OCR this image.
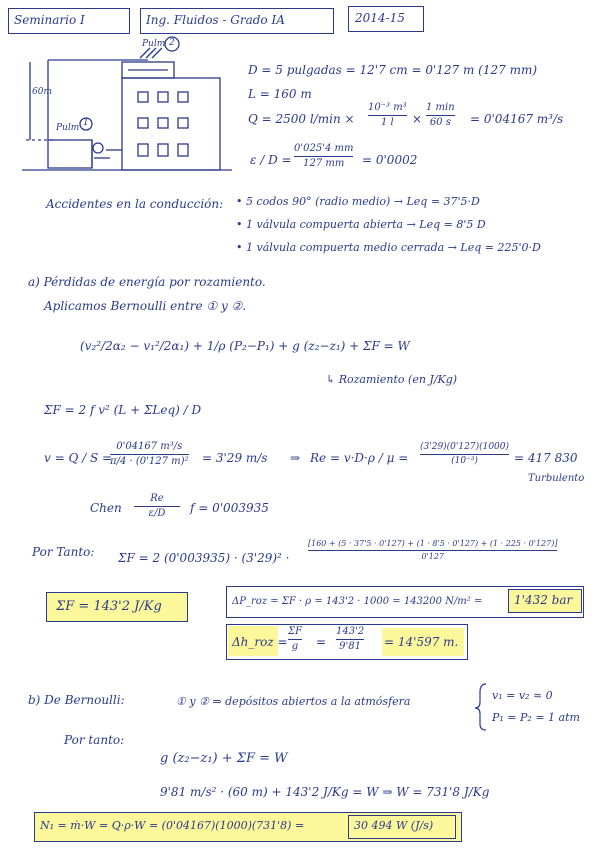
Seminario I	Ing. Fluidos - Grado IA	2014-15
Pulm 2
60m
Pulm 1
D = 5 pulgadas = 12'7 cm = 0'127 m (127 mm)
L = 160 m
Q = 2500 l/min ×
10⁻³ m³
1 l ×
1 min
60 s = 0'04167 m³/s
ε / D =
0'025'4 mm
127 mm = 0'0002
Accidentes en la conducción: • 5 codos 90° (radio medio) → Leq = 37'5·D
• 1 válvula compuerta abierta → Leq = 8'5 D
• 1 válvula compuerta medio cerrada → Leq = 225'0·D
a) Pérdidas de energía por rozamiento.
Aplicamos Bernoulli entre ① y ②.
(v₂²/2α₂ − v₁²/2α₁) + 1/ρ (P₂−P₁) + g (z₂−z₁) + ΣF = W
↳ Rozamiento (en J/Kg)
ΣF = 2 f v² (L + ΣLeq) / D
v = Q / S =
0'04167 m³/s
π/4 · (0'127 m)² = 3'29 m/s ⇒ Re = v·D·ρ / μ =
(3'29)(0'127)(1000)
(10⁻³)	= 417 830
Turbulento
Chen
Re
ε/D f = 0'003935
Por Tanto: ΣF = 2 (0'003935) · (3'29)² ·
[160 + (5 · 37'5 · 0'127) + (1 · 8'5 · 0'127) + (1 · 225 · 0'127)]
0'127
ΣF = 143'2 J/Kg	ΔP_roz = ΣF · ρ = 143'2 · 1000 = 143200 N/m² =	1'432 bar
Δh_roz =
ΣF
g =
143'2
9'81 = 14'597 m.
b) De Bernoulli:	① y ② ⇒ depósitos abiertos a la atmósfera	v₁ = v₂ ≈ 0
P₁ = P₂ = 1 atm
Por tanto:
g (z₂−z₁) + ΣF = W
9'81 m/s² · (60 m) + 143'2 J/Kg = W ⇒ W = 731'8 J/Kg
N₁ = ṁ·W = Q·ρ·W = (0'04167)(1000)(731'8) =	30 494 W (J/s)
